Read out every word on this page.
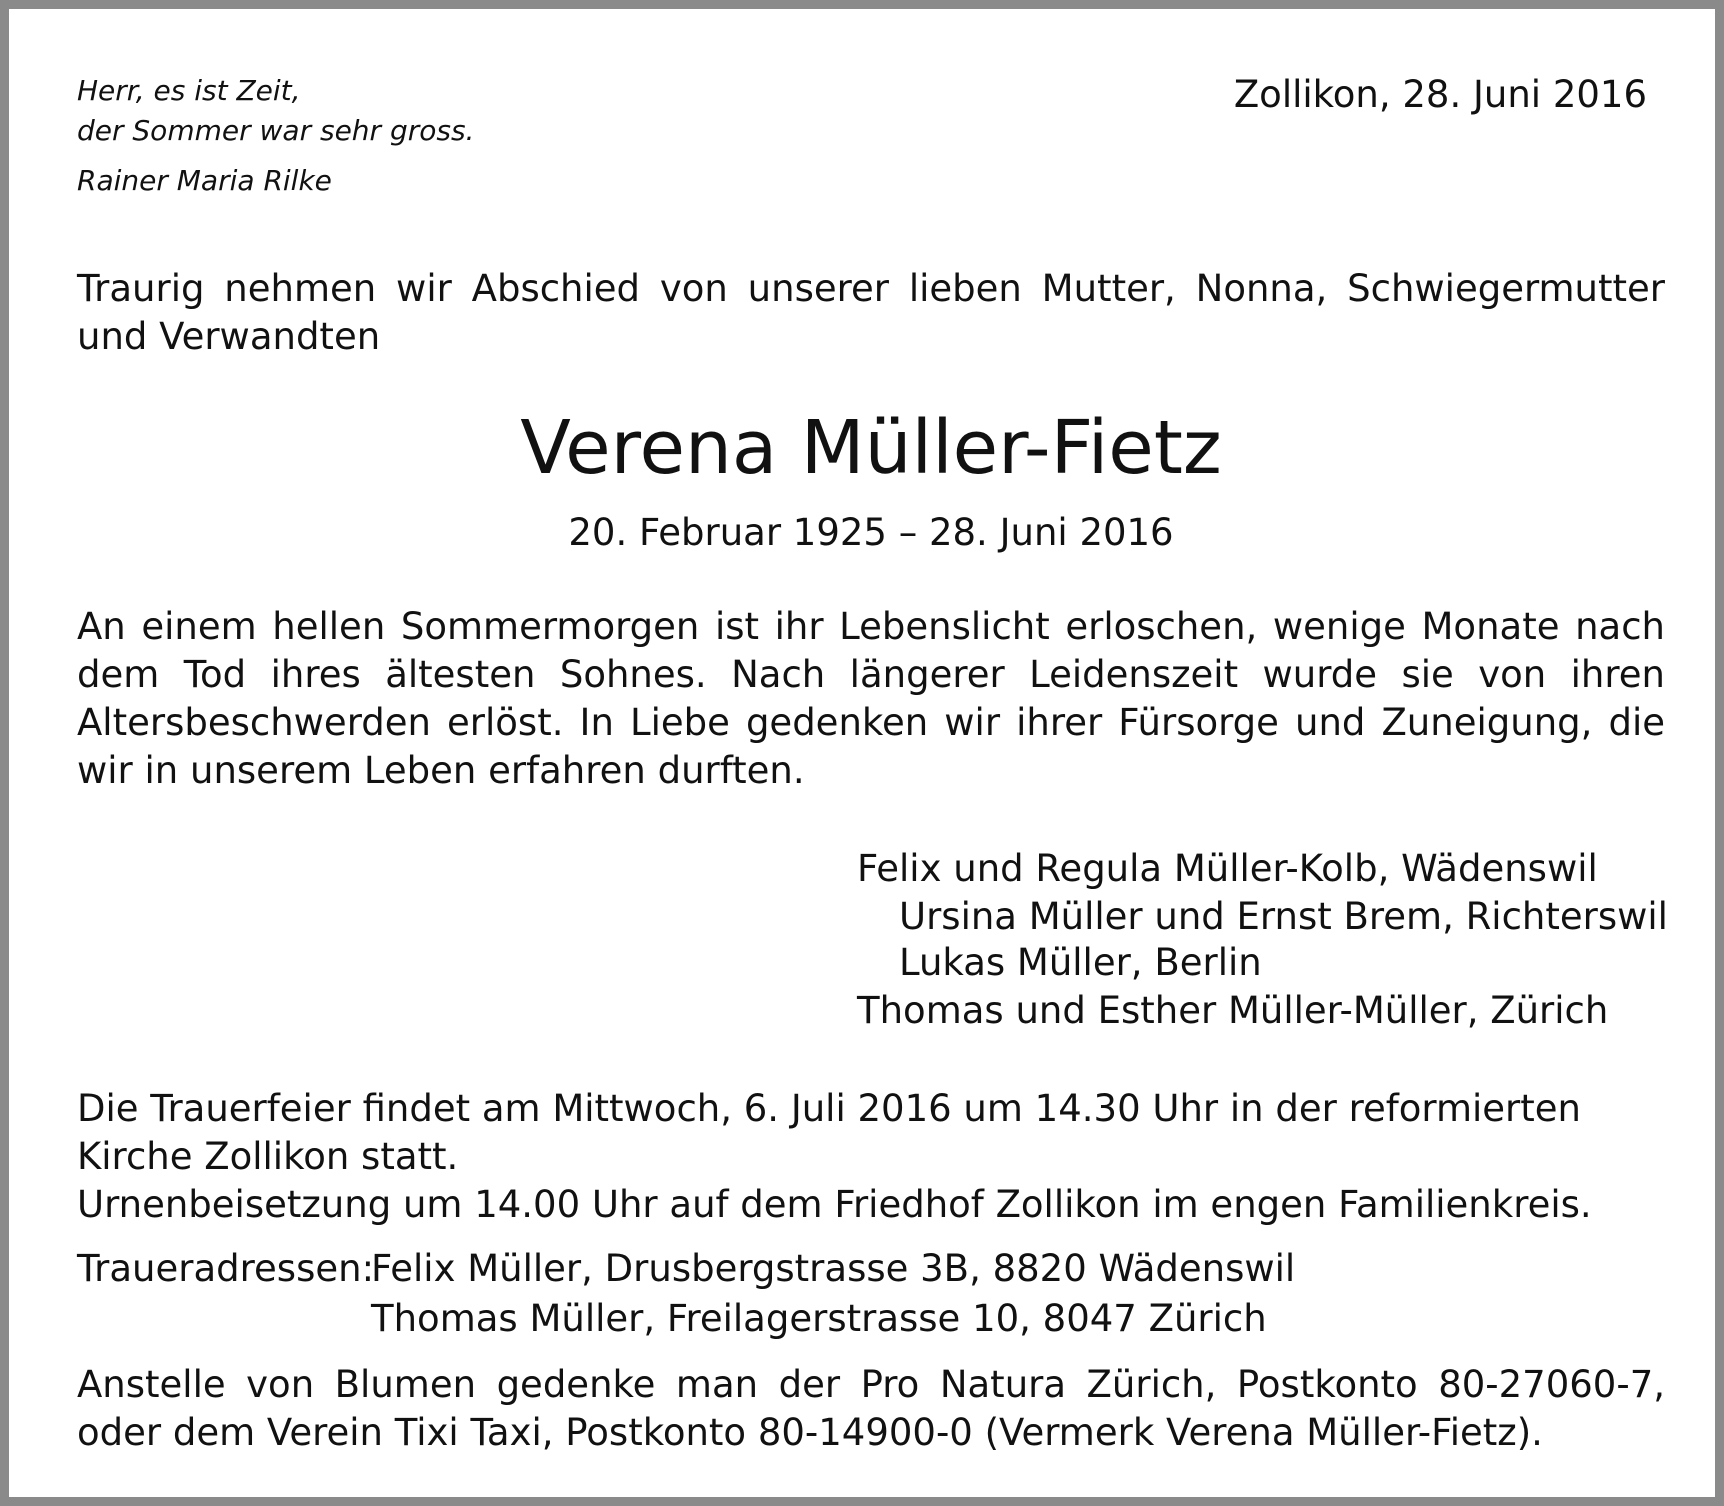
Herr, es ist Zeit,
der Sommer war sehr gross.
Rainer Maria Rilke
Zollikon, 28. Juni 2016
Traurig nehmen wir Abschied von unserer lieben Mutter, Nonna, Schwiegermutter und Verwandten
Verena Müller-Fietz
20. Februar 1925 – 28. Juni 2016
An einem hellen Sommermorgen ist ihr Lebenslicht erloschen, wenige Monate nach dem Tod ihres ältesten Sohnes. Nach längerer Leidenszeit wurde sie von ihren Altersbeschwerden erlöst. In Liebe gedenken wir ihrer Fürsorge und Zuneigung, die wir in unserem Leben erfahren durften.
Felix und Regula Müller-Kolb, Wädenswil
Ursina Müller und Ernst Brem, Richterswil
Lukas Müller, Berlin
Thomas und Esther Müller-Müller, Zürich
Die Trauerfeier findet am Mittwoch, 6. Juli 2016 um 14.30 Uhr in der reformierten Kirche Zollikon statt.
Urnenbeisetzung um 14.00 Uhr auf dem Friedhof Zollikon im engen Familienkreis.
Traueradressen:
Felix Müller, Drusbergstrasse 3B, 8820 Wädenswil
Thomas Müller, Freilagerstrasse 10, 8047 Zürich
Anstelle von Blumen gedenke man der Pro Natura Zürich, Postkonto 80-27060-7, oder dem Verein Tixi Taxi, Postkonto 80-14900-0 (Vermerk Verena Müller-Fietz).
